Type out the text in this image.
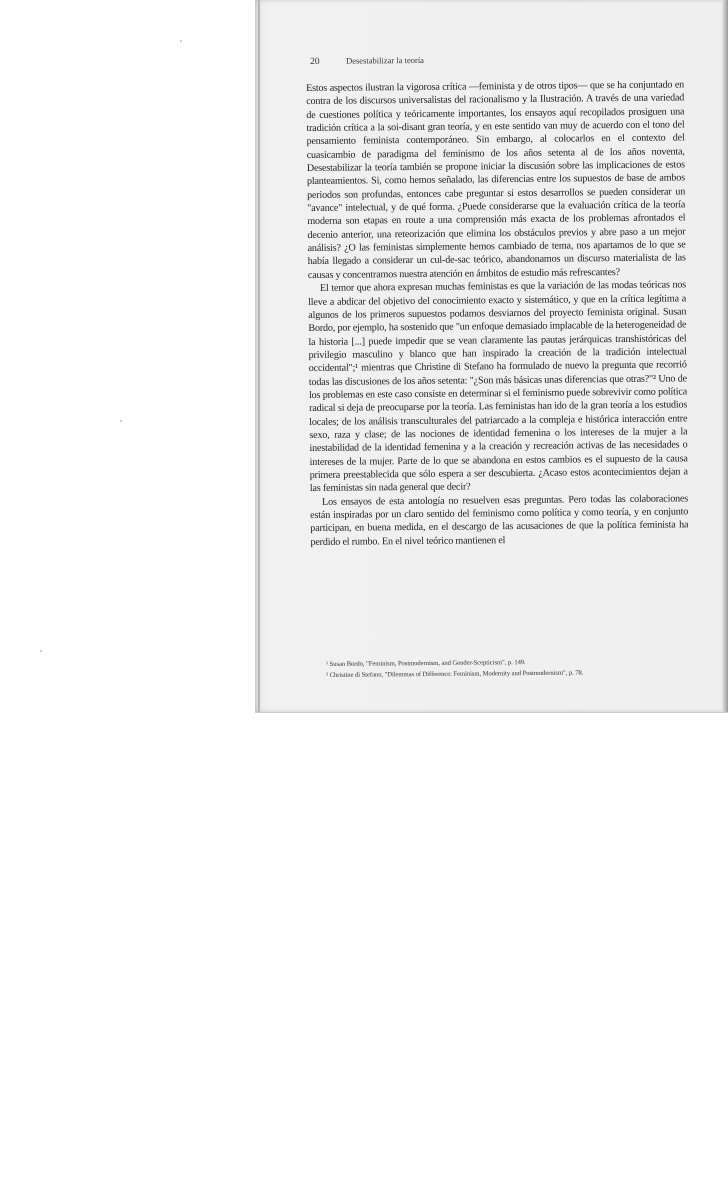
20	Desestabilizar la teoría

Estos aspectos ilustran la vigorosa crítica —feminista y de otros tipos— que se ha conjuntado en contra de los discursos universalistas del racionalismo y la Ilustración. A través de una variedad de cuestiones política y teóricamente importantes, los ensayos aquí recopilados prosiguen una tradición crítica a la soi-disant gran teoría, y en este sentido van muy de acuerdo con el tono del pensamiento feminista contemporáneo. Sin embargo, al colocarlos en el contexto del cuasicambio de paradigma del feminismo de los años setenta al de los años noventa, Desestabilizar la teoría también se propone iniciar la discusión sobre las implicaciones de estos planteamientos. Si, como hemos señalado, las diferencias entre los supuestos de base de ambos periodos son profundas, entonces cabe preguntar si estos desarrollos se pueden considerar un "avance" intelectual, y de qué forma. ¿Puede considerarse que la evaluación crítica de la teoría moderna son etapas en route a una comprensión más exacta de los problemas afrontados el decenio anterior, una reteorización que elimina los obstáculos previos y abre paso a un mejor análisis? ¿O las feministas simplemente hemos cambiado de tema, nos apartamos de lo que se había llegado a considerar un cul-de-sac teórico, abandonamos un discurso materialista de las causas y concentramos nuestra atención en ámbitos de estudio más refrescantes?

El temor que ahora expresan muchas feministas es que la variación de las modas teóricas nos lleve a abdicar del objetivo del conocimiento exacto y sistemático, y que en la crítica legítima a algunos de los primeros supuestos podamos desviarnos del proyecto feminista original. Susan Bordo, por ejemplo, ha sostenido que "un enfoque demasiado implacable de la heterogeneidad de la historia [...] puede impedir que se vean claramente las pautas jerárquicas transhistóricas del privilegio masculino y blanco que han inspirado la creación de la tradición intelectual occidental";¹ mientras que Christine di Stefano ha formulado de nuevo la pregunta que recorrió todas las discusiones de los años setenta: "¿Son más básicas unas diferencias que otras?"² Uno de los problemas en este caso consiste en determinar si el feminismo puede sobrevivir como política radical si deja de preocuparse por la teoría. Las feministas han ido de la gran teoría a los estudios locales; de los análisis transculturales del patriarcado a la compleja e histórica interacción entre sexo, raza y clase; de las nociones de identidad femenina o los intereses de la mujer a la inestabilidad de la identidad femenina y a la creación y recreación activas de las necesidades o intereses de la mujer. Parte de lo que se abandona en estos cambios es el supuesto de la causa primera preestablecida que sólo espera a ser descubierta. ¿Acaso estos acontecimientos dejan a las feministas sin nada general que decir?

Los ensayos de esta antología no resuelven esas preguntas. Pero todas las colaboraciones están inspiradas por un claro sentido del feminismo como política y como teoría, y en conjunto participan, en buena medida, en el descargo de las acusaciones de que la política feminista ha perdido el rumbo. En el nivel teórico mantienen el

¹ Susan Bordo, "Feminism, Postmodernism, and Gender-Scepticism", p. 149.

² Christine di Stefano, "Dilemmas of Difference: Feminism, Modernity and Postmodernism", p. 78.
